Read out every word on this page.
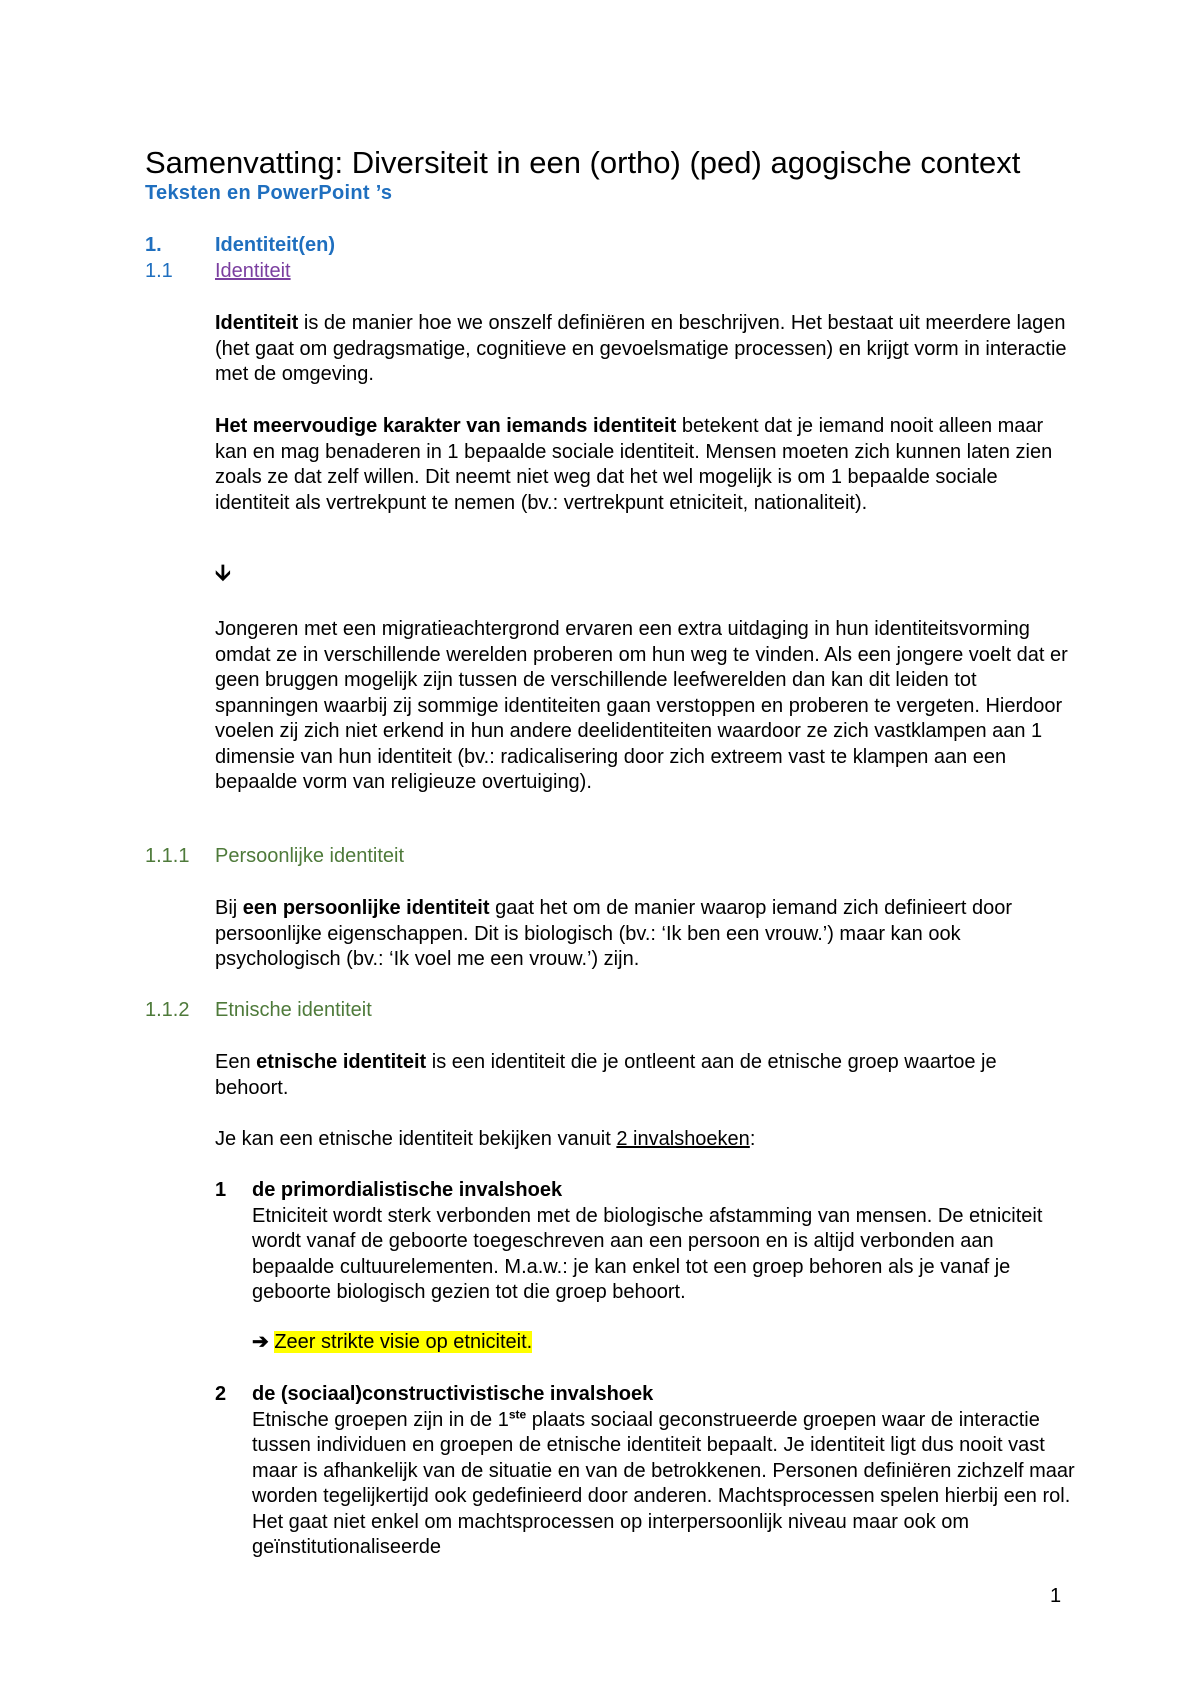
Samenvatting: Diversiteit in een (ortho) (ped) agogische context
Teksten en PowerPoint ’s
1.	Identiteit(en)
1.1 Identiteit
Identiteit is de manier hoe we onszelf definiëren en beschrijven. Het bestaat uit meerdere lagen (het gaat om gedragsmatige, cognitieve en gevoelsmatige processen) en krijgt vorm in interactie met de omgeving.
Het meervoudige karakter van iemands identiteit betekent dat je iemand nooit alleen maar kan en mag benaderen in 1 bepaalde sociale identiteit. Mensen moeten zich kunnen laten zien zoals ze dat zelf willen. Dit neemt niet weg dat het wel mogelijk is om 1 bepaalde sociale identiteit als vertrekpunt te nemen (bv.: vertrekpunt etniciteit, nationaliteit).
🡫
Jongeren met een migratieachtergrond ervaren een extra uitdaging in hun identiteitsvorming omdat ze in verschillende werelden proberen om hun weg te vinden. Als een jongere voelt dat er geen bruggen mogelijk zijn tussen de verschillende leefwerelden dan kan dit leiden tot spanningen waarbij zij sommige identiteiten gaan verstoppen en proberen te vergeten. Hierdoor voelen zij zich niet erkend in hun andere deelidentiteiten waardoor ze zich vastklampen aan 1 dimensie van hun identiteit (bv.: radicalisering door zich extreem vast te klampen aan een bepaalde vorm van religieuze overtuiging).
1.1.1 Persoonlijke identiteit
Bij een persoonlijke identiteit gaat het om de manier waarop iemand zich definieert door persoonlijke eigenschappen. Dit is biologisch (bv.: ‘Ik ben een vrouw.’) maar kan ook psychologisch (bv.: ‘Ik voel me een vrouw.’) zijn.
1.1.2 Etnische identiteit
Een etnische identiteit is een identiteit die je ontleent aan de etnische groep waartoe je behoort.
Je kan een etnische identiteit bekijken vanuit 2 invalshoeken:
1 de primordialistische invalshoek
Etniciteit wordt sterk verbonden met de biologische afstamming van mensen. De etniciteit wordt vanaf de geboorte toegeschreven aan een persoon en is altijd verbonden aan bepaalde cultuurelementen. M.a.w.: je kan enkel tot een groep behoren als je vanaf je geboorte biologisch gezien tot die groep behoort.
➔ Zeer strikte visie op etniciteit.
2 de (sociaal)constructivistische invalshoek
Etnische groepen zijn in de 1ste plaats sociaal geconstrueerde groepen waar de interactie tussen individuen en groepen de etnische identiteit bepaalt. Je identiteit ligt dus nooit vast maar is afhankelijk van de situatie en van de betrokkenen. Personen definiëren zichzelf maar worden tegelijkertijd ook gedefinieerd door anderen. Machtsprocessen spelen hierbij een rol. Het gaat niet enkel om machtsprocessen op interpersoonlijk niveau maar ook om geïnstitutionaliseerde
1
